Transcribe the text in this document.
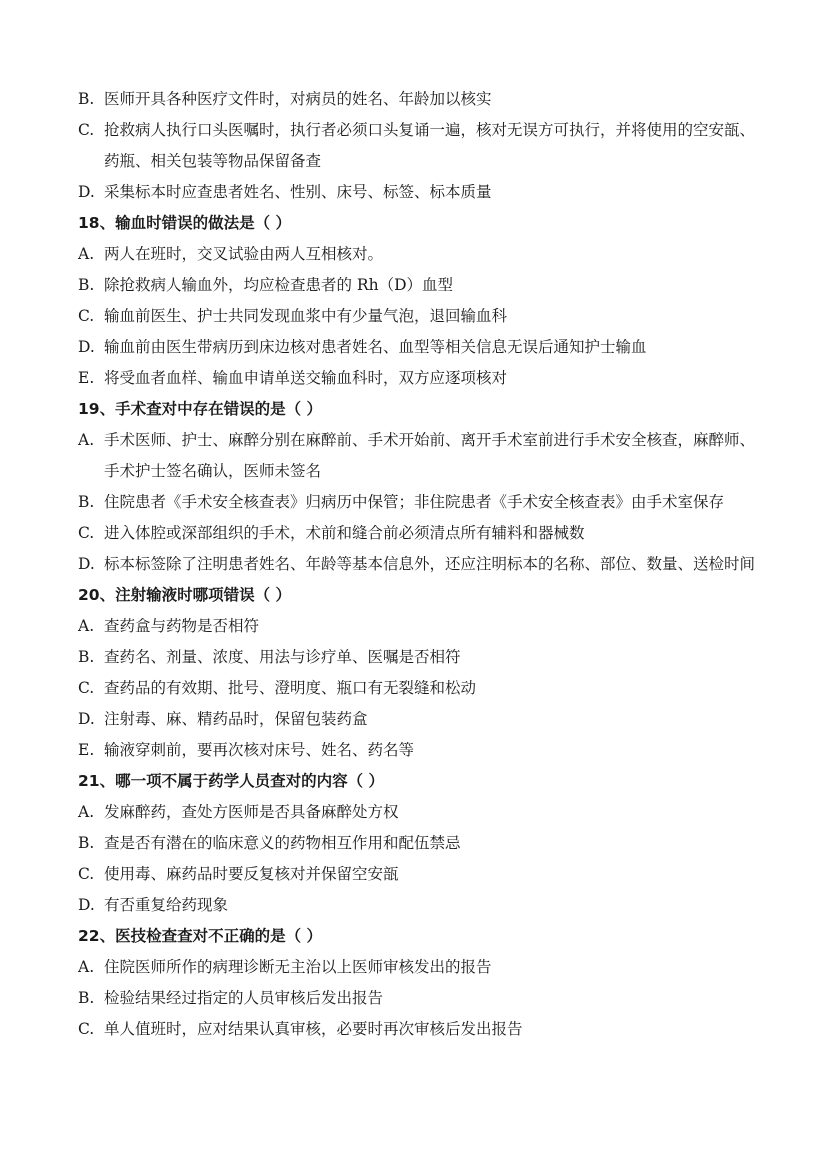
B. 医师开具各种医疗文件时，对病员的姓名、年龄加以核实
C. 抢救病人执行口头医嘱时，执行者必须口头复诵一遍，核对无误方可执行，并将使用的空安瓿、药瓶、相关包装等物品保留备查
D. 采集标本时应查患者姓名、性别、床号、标签、标本质量
18、输血时错误的做法是（ ）
A. 两人在班时，交叉试验由两人互相核对。
B. 除抢救病人输血外，均应检查患者的 Rh（D）血型
C. 输血前医生、护士共同发现血浆中有少量气泡，退回输血科
D. 输血前由医生带病历到床边核对患者姓名、血型等相关信息无误后通知护士输血
E. 将受血者血样、输血申请单送交输血科时，双方应逐项核对
19、手术查对中存在错误的是（ ）
A. 手术医师、护士、麻醉分别在麻醉前、手术开始前、离开手术室前进行手术安全核查，麻醉师、手术护士签名确认，医师未签名
B. 住院患者《手术安全核查表》归病历中保管；非住院患者《手术安全核查表》由手术室保存
C. 进入体腔或深部组织的手术，术前和缝合前必须清点所有辅料和器械数
D. 标本标签除了注明患者姓名、年龄等基本信息外，还应注明标本的名称、部位、数量、送检时间
20、注射输液时哪项错误（ ）
A. 查药盒与药物是否相符
B. 查药名、剂量、浓度、用法与诊疗单、医嘱是否相符
C. 查药品的有效期、批号、澄明度、瓶口有无裂缝和松动
D. 注射毒、麻、精药品时，保留包装药盒
E. 输液穿刺前，要再次核对床号、姓名、药名等
21、哪一项不属于药学人员查对的内容（ ）
A. 发麻醉药，查处方医师是否具备麻醉处方权
B. 查是否有潜在的临床意义的药物相互作用和配伍禁忌
C. 使用毒、麻药品时要反复核对并保留空安瓿
D. 有否重复给药现象
22、医技检查查对不正确的是（ ）
A. 住院医师所作的病理诊断无主治以上医师审核发出的报告
B. 检验结果经过指定的人员审核后发出报告
C. 单人值班时，应对结果认真审核，必要时再次审核后发出报告
